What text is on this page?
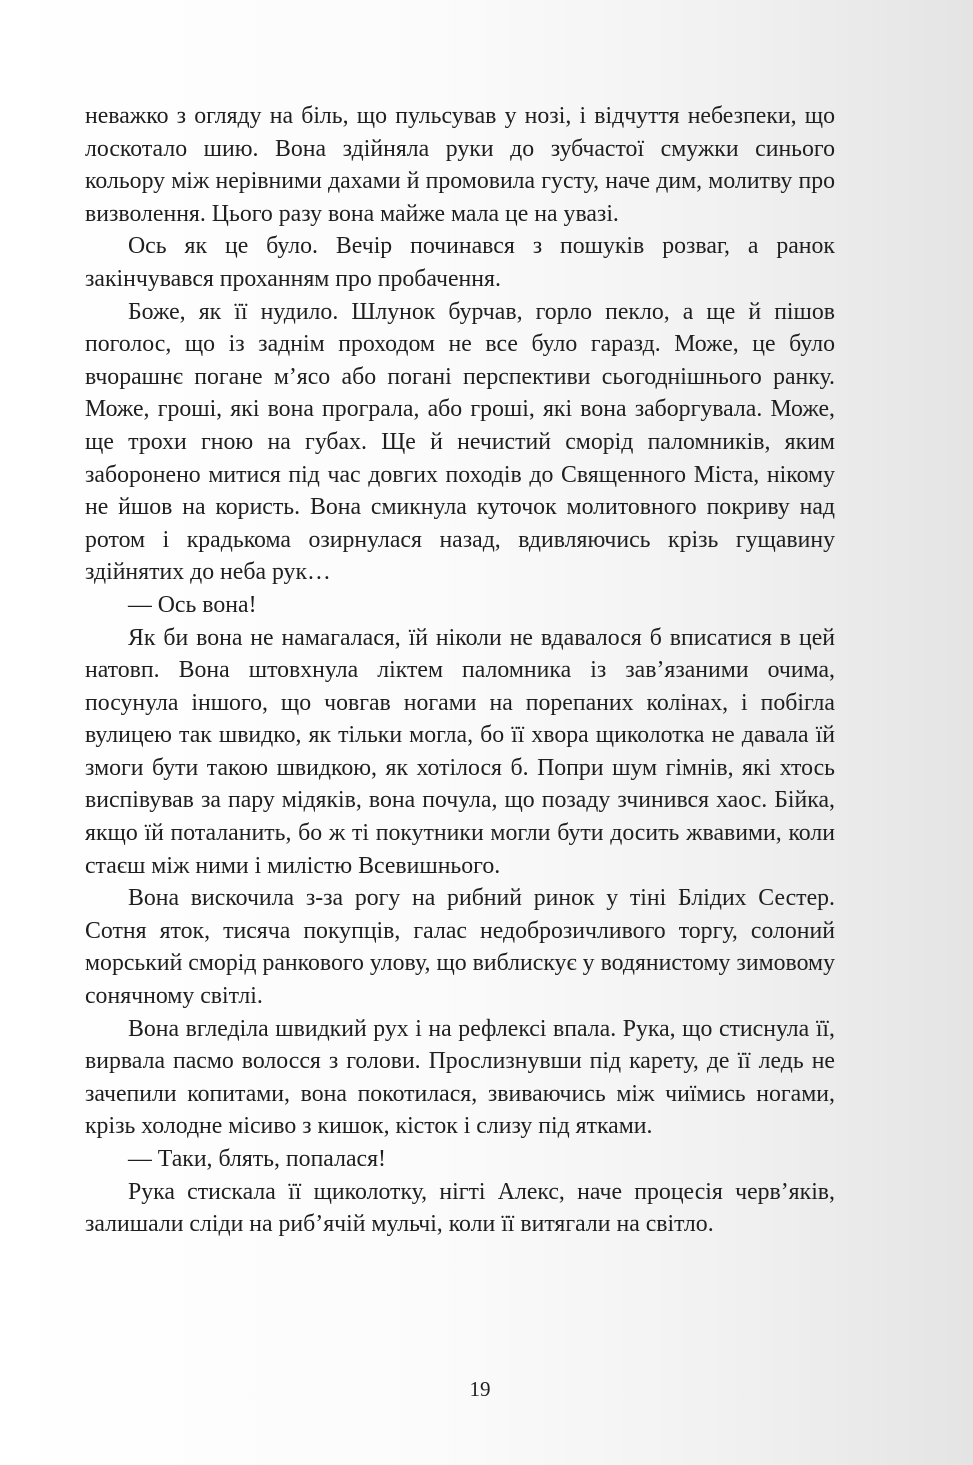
неважко з огляду на біль, що пульсував у нозі, і відчуття небезпеки, що лоскотало шию. Вона здійняла руки до зубчастої смужки синього кольору між нерівними дахами й промовила густу, наче дим, молитву про визволення. Цього разу вона майже мала це на увазі.

Ось як це було. Вечір починався з пошуків розваг, а ранок закінчувався проханням про пробачення.

Боже, як її нудило. Шлунок бурчав, горло пекло, а ще й пішов поголос, що із заднім проходом не все було гаразд. Може, це було вчорашнє погане м’ясо або погані перспективи сьогоднішнього ранку. Може, гроші, які вона програла, або гроші, які вона заборгувала. Може, ще трохи гною на губах. Ще й нечистий сморід паломників, яким заборонено митися під час довгих походів до Священного Міста, нікому не йшов на користь. Вона смикнула куточок молитовного покриву над ротом і крадькома озирнулася назад, вдивляючись крізь гущавину здійнятих до неба рук…

— Ось вона!

Як би вона не намагалася, їй ніколи не вдавалося б вписатися в цей натовп. Вона штовхнула ліктем паломника із зав’язаними очима, посунула іншого, що човгав ногами на порепаних колінах, і побігла вулицею так швидко, як тільки могла, бо її хвора щиколотка не давала їй змоги бути такою швидкою, як хотілося б. Попри шум гімнів, які хтось виспівував за пару мідяків, вона почула, що позаду зчинився хаос. Бійка, якщо їй поталанить, бо ж ті покутники могли бути досить жвавими, коли стаєш між ними і милістю Всевишнього.

Вона вискочила з-за рогу на рибний ринок у тіні Блідих Сестер. Сотня яток, тисяча покупців, галас недоброзичливого торгу, солоний морський сморід ранкового улову, що виблискує у водянистому зимовому сонячному світлі.

Вона вгледіла швидкий рух і на рефлексі впала. Рука, що стиснула її, вирвала пасмо волосся з голови. Прослизнувши під карету, де її ледь не зачепили копитами, вона покотилася, звиваючись між чиїмись ногами, крізь холодне місиво з кишок, кісток і слизу під ятками.

— Таки, блять, попалася!

Рука стискала її щиколотку, нігті Алекс, наче процесія черв’яків, залишали сліди на риб’ячій мульчі, коли її витягали на світло.

19
